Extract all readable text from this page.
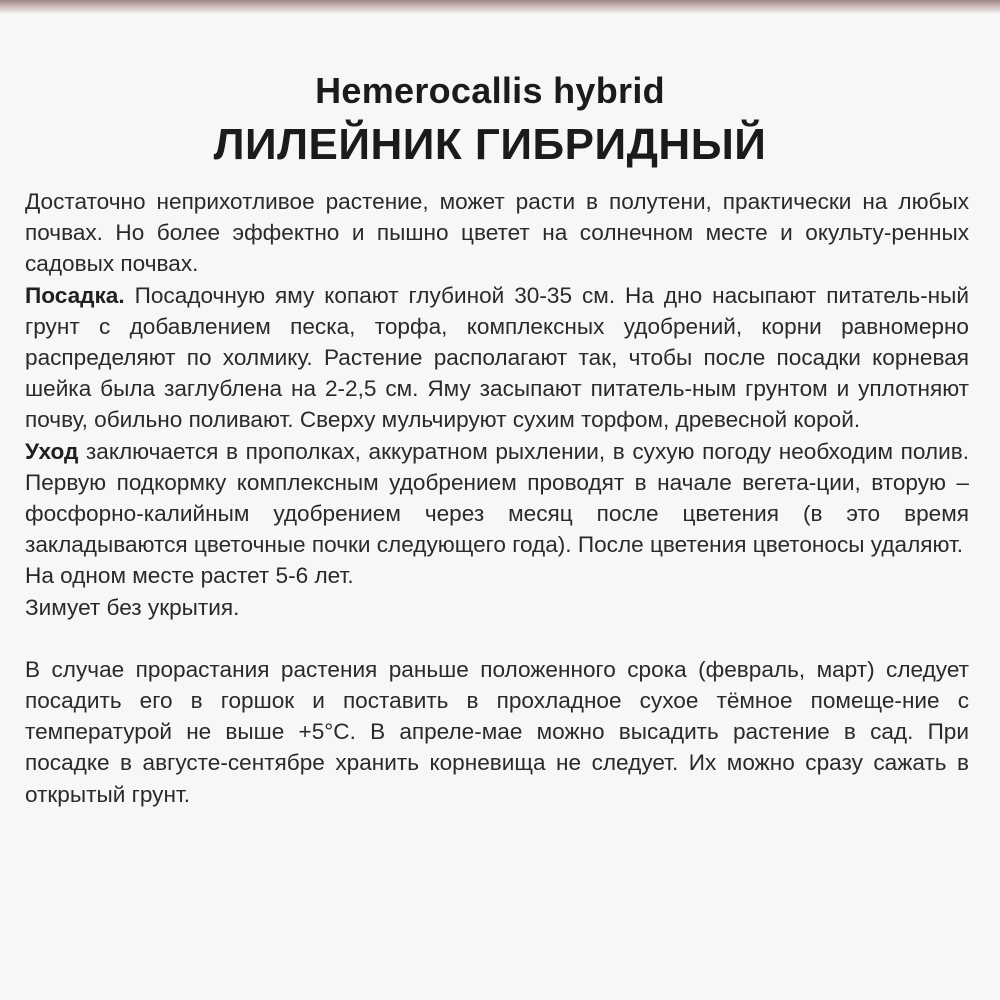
Hemerocallis hybrid
ЛИЛЕЙНИК ГИБРИДНЫЙ

Достаточно неприхотливое растение, может расти в полутени, практически на любых почвах. Но более эффектно и пышно цветет на солнечном месте и окульту-ренных садовых почвах.

Посадка. Посадочную яму копают глубиной 30-35 см. На дно насыпают питатель-ный грунт с добавлением песка, торфа, комплексных удобрений, корни равномерно распределяют по холмику. Растение располагают так, чтобы после посадки корневая шейка была заглублена на 2-2,5 см. Яму засыпают питатель-ным грунтом и уплотняют почву, обильно поливают. Сверху мульчируют сухим торфом, древесной корой.

Уход заключается в прополках, аккуратном рыхлении, в сухую погоду необходим полив. Первую подкормку комплексным удобрением проводят в начале вегета-ции, вторую – фосфорно-калийным удобрением через месяц после цветения (в это время закладываются цветочные почки следующего года). После цветения цветоносы удаляют.

На одном месте растет 5-6 лет.

Зимует без укрытия.

В случае прорастания растения раньше положенного срока (февраль, март) следует посадить его в горшок и поставить в прохладное сухое тёмное помеще-ние с температурой не выше +5°С. В апреле-мае можно высадить растение в сад. При посадке в августе-сентябре хранить корневища не следует. Их можно сразу сажать в открытый грунт.
